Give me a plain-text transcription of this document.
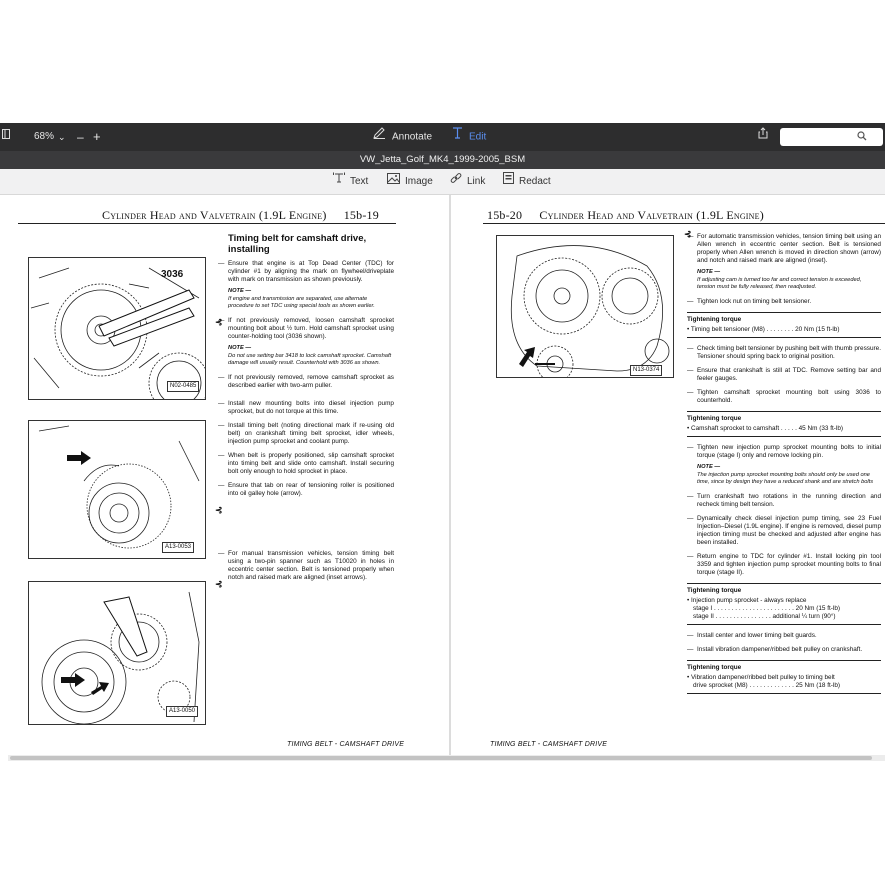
68% ⌄ – +	Annotate	Edit
VW_Jetta_Golf_MK4_1999-2005_BSM
Text	Image	Link	Redact
Cylinder Head and Valvetrain (1.9L Engine) 15b-19
3036
N02-0485
A13-0053
A13-0050
Timing belt for camshaft drive, installing
— Ensure that engine is at Top Dead Center (TDC) for cylinder #1 by aligning the mark on flywheel/driveplate with mark on transmission as shown previously.
NOTE —
If engine and transmission are separated, use alternate procedure to set TDC using special tools as shown earlier.
— If not previously removed, loosen camshaft sprocket mounting bolt about ½ turn. Hold camshaft sprocket using counter-holding tool (3036 shown).
NOTE —
Do not use setting bar 3418 to lock camshaft sprocket. Camshaft damage will usually result. Counterhold with 3036 as shown.
— If not previously removed, remove camshaft sprocket as described earlier with two-arm puller.
— Install new mounting bolts into diesel injection pump sprocket, but do not torque at this time.
— Install timing belt (noting directional mark if re-using old belt) on crankshaft timing belt sprocket, idler wheels, injection pump sprocket and coolant pump.
— When belt is properly positioned, slip camshaft sprocket into timing belt and slide onto camshaft. Install securing bolt only enough to hold sprocket in place.
— Ensure that tab on rear of tensioning roller is positioned into oil galley hole (arrow).
— For manual transmission vehicles, tension timing belt using a two-pin spanner such as T10020 in holes in eccentric center section. Belt is tensioned properly when notch and raised mark are aligned (inset arrows).
⊰
⊰
⊰
TIMING BELT - CAMSHAFT DRIVE
15b-20 Cylinder Head and Valvetrain (1.9L Engine)
N13-0374
— For automatic transmission vehicles, tension timing belt using an Allen wrench in eccentric center section. Belt is tensioned properly when Allen wrench is moved in direction shown (arrow) and notch and raised mark are aligned (inset).
NOTE —
If adjusting cam is turned too far and correct tension is exceeded, tension must be fully released, then readjusted.
— Tighten lock nut on timing belt tensioner.
Tightening torque
• Timing belt tensioner (M8) . . . . . . . . 20 Nm (15 ft-lb)
— Check timing belt tensioner by pushing belt with thumb pressure. Tensioner should spring back to original position.
— Ensure that crankshaft is still at TDC. Remove setting bar and feeler gauges.
— Tighten camshaft sprocket mounting bolt using 3036 to counterhold.
Tightening torque
• Camshaft sprocket to camshaft . . . . . 45 Nm (33 ft-lb)
— Tighten new injection pump sprocket mounting bolts to initial torque (stage I) only and remove locking pin.
NOTE —
The injection pump sprocket mounting bolts should only be used one time, since by design they have a reduced shank and are stretch bolts
— Turn crankshaft two rotations in the running direction and recheck timing belt tension.
— Dynamically check diesel injection pump timing, see 23 Fuel Injection–Diesel (1.9L engine). If engine is removed, diesel pump injection timing must be checked and adjusted after engine has been installed.
— Return engine to TDC for cylinder #1. Install locking pin tool 3359 and tighten injection pump sprocket mounting bolts to final torque (stage II).
Tightening torque
• Injection pump sprocket - always replace
stage I . . . . . . . . . . . . . . . . . . . . . . . 20 Nm (15 ft-lb)
stage II . . . . . . . . . . . . . . . . additional ¼ turn (90°)
— Install center and lower timing belt guards.
— Install vibration dampener/ribbed belt pulley on crankshaft.
Tightening torque
• Vibration dampener/ribbed belt pulley to timing belt
drive sprocket (M8) . . . . . . . . . . . . . 25 Nm (18 ft-lb)
⊰
TIMING BELT - CAMSHAFT DRIVE
